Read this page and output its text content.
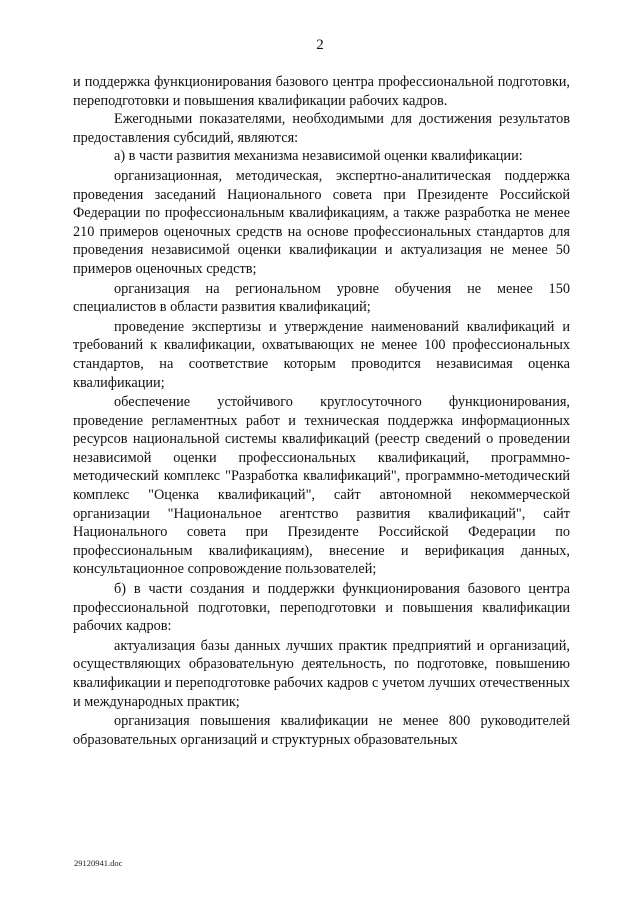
2

и поддержка функционирования базового центра профессиональной подготовки, переподготовки и повышения квалификации рабочих кадров.

Ежегодными показателями, необходимыми для достижения результатов предоставления субсидий, являются:

а) в части развития механизма независимой оценки квалификации:

организационная, методическая, экспертно-аналитическая поддержка проведения заседаний Национального совета при Президенте Российской Федерации по профессиональным квалификациям, а также разработка не менее 210 примеров оценочных средств на основе профессиональных стандартов для проведения независимой оценки квалификации и актуализация не менее 50 примеров оценочных средств;

организация на региональном уровне обучения не менее 150 специалистов в области развития квалификаций;

проведение экспертизы и утверждение наименований квалификаций и требований к квалификации, охватывающих не менее 100 профессиональных стандартов, на соответствие которым проводится независимая оценка квалификации;

обеспечение устойчивого круглосуточного функционирования, проведение регламентных работ и техническая поддержка информационных ресурсов национальной системы квалификаций (реестр сведений о проведении независимой оценки профессиональных квалификаций, программно-методический комплекс "Разработка квалификаций", программно-методический комплекс "Оценка квалификаций", сайт автономной некоммерческой организации "Национальное агентство развития квалификаций", сайт Национального совета при Президенте Российской Федерации по профессиональным квалификациям), внесение и верификация данных, консультационное сопровождение пользователей;

б) в части создания и поддержки функционирования базового центра профессиональной подготовки, переподготовки и повышения квалификации рабочих кадров:

актуализация базы данных лучших практик предприятий и организаций, осуществляющих образовательную деятельность, по подготовке, повышению квалификации и переподготовке рабочих кадров с учетом лучших отечественных и международных практик;

организация повышения квалификации не менее 800 руководителей образовательных организаций и структурных образовательных

29120941.doc
